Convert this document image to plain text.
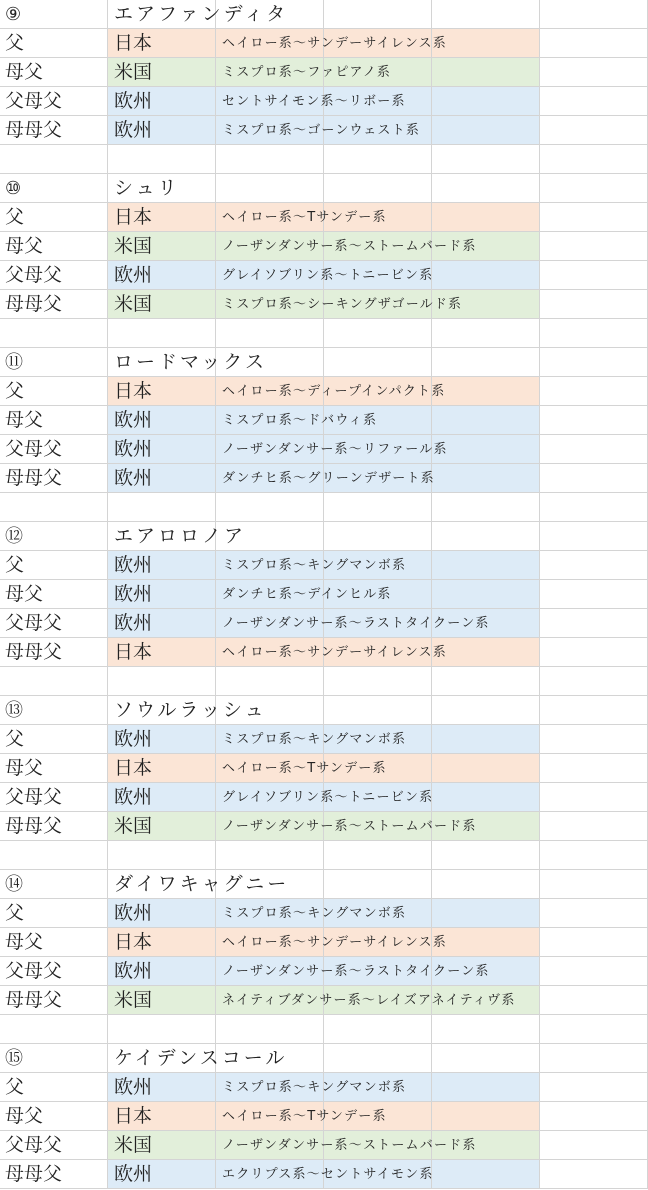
⑨	エアファンディタ
父	日本	ヘイロー系〜サンデーサイレンス系
母父	米国	ミスプロ系〜ファピアノ系
父母父	欧州	セントサイモン系〜リボー系
母母父	欧州	ミスプロ系〜ゴーンウェスト系
⑩	シュリ
父	日本	ヘイロー系〜Tサンデー系
母父	米国	ノーザンダンサー系〜ストームバード系
父母父	欧州	グレイソブリン系〜トニービン系
母母父	米国	ミスプロ系〜シーキングザゴールド系
⑪	ロードマックス
父	日本	ヘイロー系〜ディープインパクト系
母父	欧州	ミスプロ系〜ドバウィ系
父母父	欧州	ノーザンダンサー系〜リファール系
母母父	欧州	ダンチヒ系〜グリーンデザート系
⑫	エアロロノア
父	欧州	ミスプロ系〜キングマンボ系
母父	欧州	ダンチヒ系〜デインヒル系
父母父	欧州	ノーザンダンサー系〜ラストタイクーン系
母母父	日本	ヘイロー系〜サンデーサイレンス系
⑬	ソウルラッシュ
父	欧州	ミスプロ系〜キングマンボ系
母父	日本	ヘイロー系〜Tサンデー系
父母父	欧州	グレイソブリン系〜トニービン系
母母父	米国	ノーザンダンサー系〜ストームバード系
⑭	ダイワキャグニー
父	欧州	ミスプロ系〜キングマンボ系
母父	日本	ヘイロー系〜サンデーサイレンス系
父母父	欧州	ノーザンダンサー系〜ラストタイクーン系
母母父	米国	ネイティブダンサー系〜レイズアネイティヴ系
⑮	ケイデンスコール
父	欧州	ミスプロ系〜キングマンボ系
母父	日本	ヘイロー系〜Tサンデー系
父母父	米国	ノーザンダンサー系〜ストームバード系
母母父	欧州	エクリプス系〜セントサイモン系
